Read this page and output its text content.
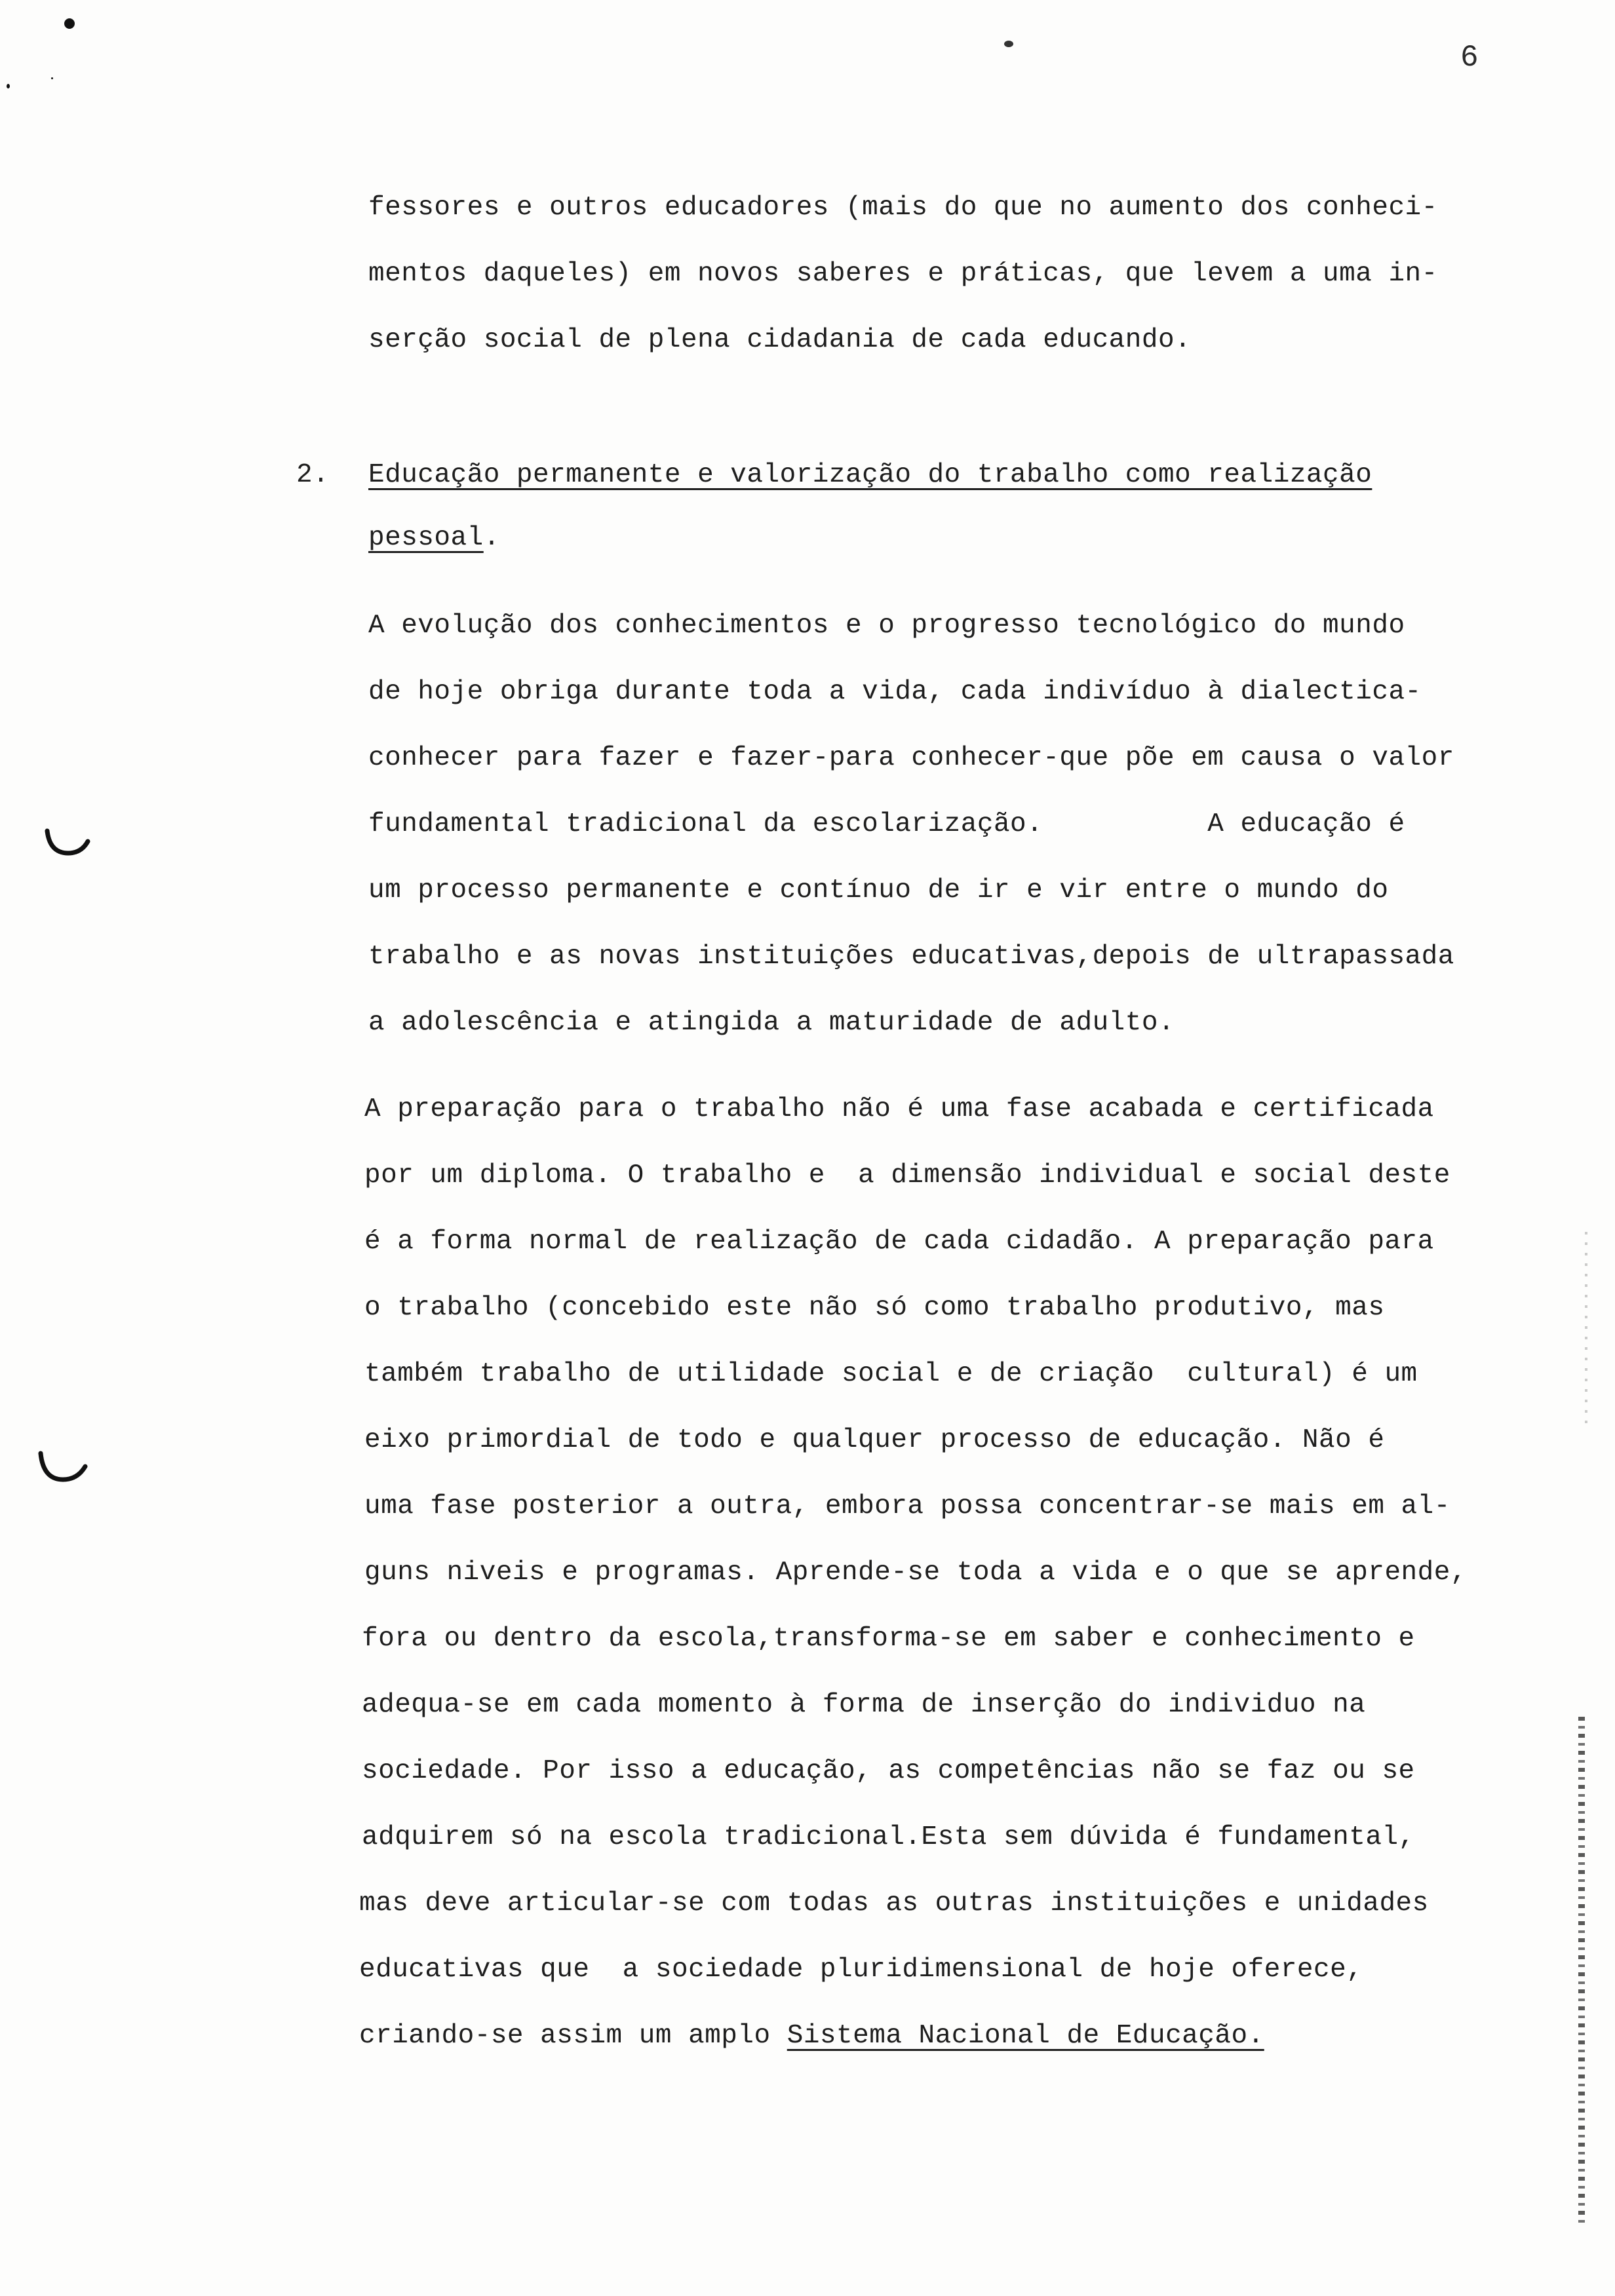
6
fessores e outros educadores (mais do que no aumento dos conheci-
mentos daqueles) em novos saberes e práticas, que levem a uma in-
serção social de plena cidadania de cada educando.
2. Educação permanente e valorização do trabalho como realização
pessoal.
A evolução dos conhecimentos e o progresso tecnológico do mundo
de hoje obriga durante toda a vida, cada indivíduo à dialectica-
conhecer para fazer e fazer-para conhecer-que põe em causa o valor
fundamental tradicional da escolarização.          A educação é
um processo permanente e contínuo de ir e vir entre o mundo do
trabalho e as novas instituições educativas,depois de ultrapassada
a adolescência e atingida a maturidade de adulto.
A preparação para o trabalho não é uma fase acabada e certificada
por um diploma. O trabalho e  a dimensão individual e social deste
é a forma normal de realização de cada cidadão. A preparação para
o trabalho (concebido este não só como trabalho produtivo, mas
também trabalho de utilidade social e de criação  cultural) é um
eixo primordial de todo e qualquer processo de educação. Não é
uma fase posterior a outra, embora possa concentrar-se mais em al-
guns niveis e programas. Aprende-se toda a vida e o que se aprende,
fora ou dentro da escola,transforma-se em saber e conhecimento e
adequa-se em cada momento à forma de inserção do individuo na
sociedade. Por isso a educação, as competências não se faz ou se
adquirem só na escola tradicional.Esta sem dúvida é fundamental,
mas deve articular-se com todas as outras instituições e unidades
educativas que  a sociedade pluridimensional de hoje oferece,
criando-se assim um amplo Sistema Nacional de Educação.
